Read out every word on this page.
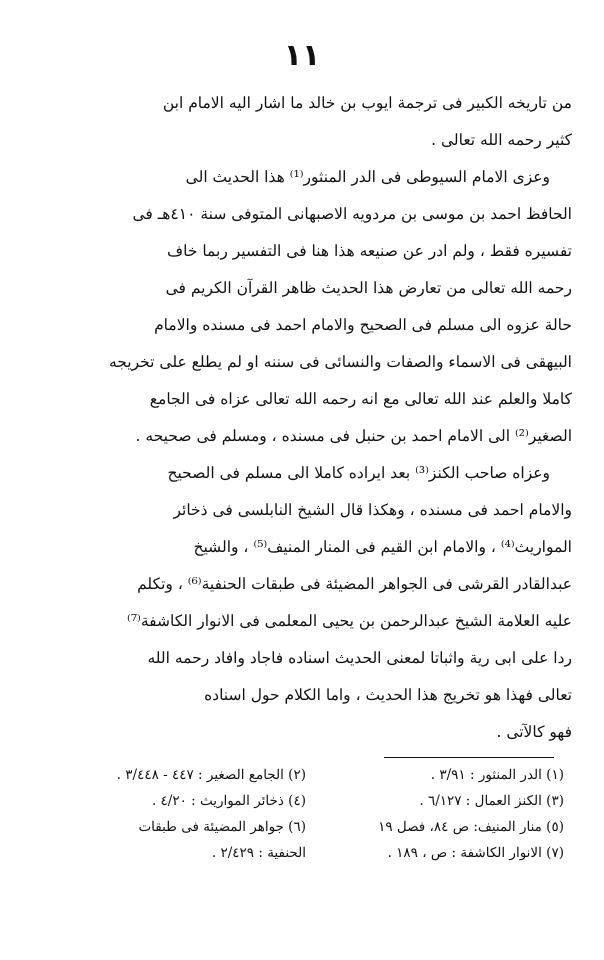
١١
من تاريخه الكبير فى ترجمة ايوب بن خالد ما اشار اليه الامام ابن
كثير رحمه الله تعالى .
وعزى الامام السيوطى فى الدر المنثور⁽¹⁾ هذا الحديث الى
الحافظ احمد بن موسى بن مردويه الاصبهانى المتوفى سنة ٤١٠هـ فى
تفسيره فقط ، ولم ادر عن صنيعه هذا هنا فى التفسير ربما خاف
رحمه الله تعالى من تعارض هذا الحديث ظاهر القرآن الكريم فى
حالة عزوه الى مسلم فى الصحيح والامام احمد فى مسنده والامام
البيهقى فى الاسماء والصفات والنسائى فى سننه او لم يطلع على تخريجه
كاملا والعلم عند الله تعالى مع انه رحمه الله تعالى عزاه فى الجامع
الصغير⁽²⁾ الى الامام احمد بن حنبل فى مسنده ، ومسلم فى صحيحه .
وعزاه صاحب الكنز⁽³⁾ بعد ايراده كاملا الى مسلم فى الصحيح
والامام احمد فى مسنده ، وهكذا قال الشيخ النابلسى فى ذخائر
المواريث⁽⁴⁾ ، والامام ابن القيم فى المنار المنيف⁽⁵⁾ ، والشيخ
عبدالقادر القرشى فى الجواهر المضيئة فى طبقات الحنفية⁽⁶⁾ ، وتكلم
عليه العلامة الشيخ عبدالرحمن بن يحيى المعلمى فى الانوار الكاشفة⁽⁷⁾
ردا على ابى رية واثباتا لمعنى الحديث اسناده فاجاد وافاد رحمه الله
تعالى فهذا هو تخريج هذا الحديث ، واما الكلام حول اسناده
فهو كالآتى .
(١) الدر المنثور : ٣/٩١ .
(٢) الجامع الصغير : ٤٤٧ - ٣/٤٤٨ .
(٣) الكنز العمال : ٦/١٢٧ .
(٤) ذخائر المواريث : ٤/٢٠ .
(٥) منار المنيف: ص ٨٤، فصل ١٩
(٦) جواهر المضيئة فى طبقات
(٧) الانوار الكاشفة : ص ، ١٨٩ .
الحنفية : ٢/٤٢٩ .
